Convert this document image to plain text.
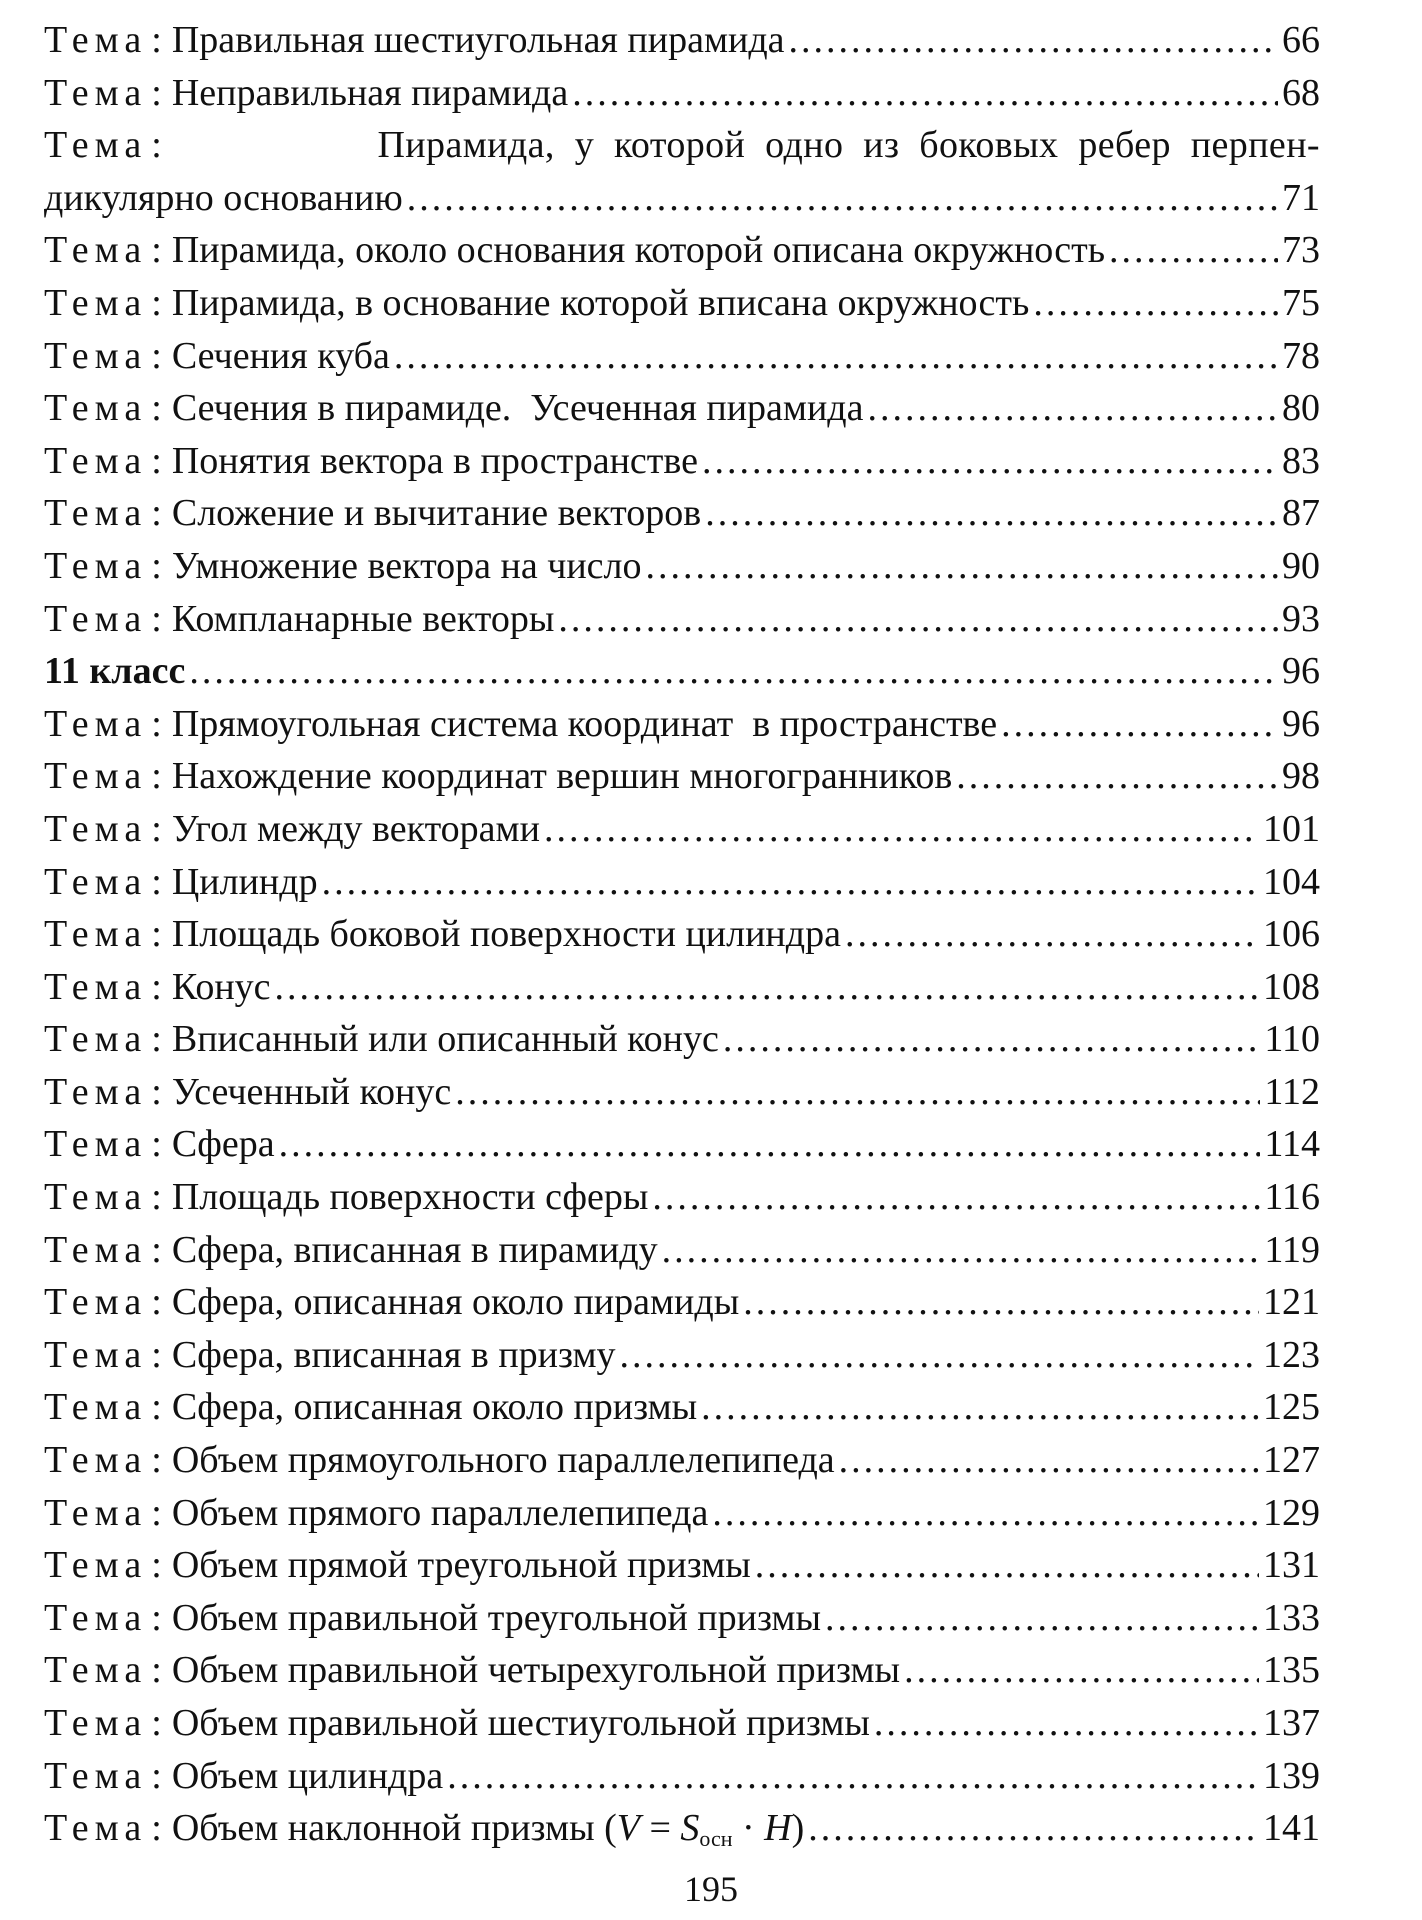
Тема : Правильная шестиугольная пирамида .....	66
Тема : Неправильная пирамида .....	68
Тема :	Пирамида, у которой одно из боковых ребер перпен-
дикулярно основанию .....	71
Тема : Пирамида, около основания которой описана окружность .....	73
Тема : Пирамида, в основание которой вписана окружность .....	75
Тема : Сечения куба .....	78
Тема : Сечения в пирамиде.  Усеченная пирамида .....	80
Тема : Понятия вектора в пространстве .....	83
Тема : Сложение и вычитание векторов .....	87
Тема : Умножение вектора на число .....	90
Тема : Компланарные векторы .....	93
11 класс .....	96
Тема : Прямоугольная система координат  в пространстве .....	96
Тема : Нахождение координат вершин многогранников .....	98
Тема : Угол между векторами .....	101
Тема : Цилиндр .....	104
Тема : Площадь боковой поверхности цилиндра .....	106
Тема : Конус .....	108
Тема : Вписанный или описанный конус .....	110
Тема : Усеченный конус .....	112
Тема : Сфера .....	114
Тема : Площадь поверхности сферы .....	116
Тема : Сфера, вписанная в пирамиду .....	119
Тема : Сфера, описанная около пирамиды .....	121
Тема : Сфера, вписанная в призму .....	123
Тема : Сфера, описанная около призмы .....	125
Тема : Объем прямоугольного параллелепипеда .....	127
Тема : Объем прямого параллелепипеда .....	129
Тема : Объем прямой треугольной призмы .....	131
Тема : Объем правильной треугольной призмы .....	133
Тема : Объем правильной четырехугольной призмы .....	135
Тема : Объем правильной шестиугольной призмы .....	137
Тема : Объем цилиндра .....	139
Тема : Объем наклонной призмы $(V = S_{осн} \cdot H)$ .....	141
195
